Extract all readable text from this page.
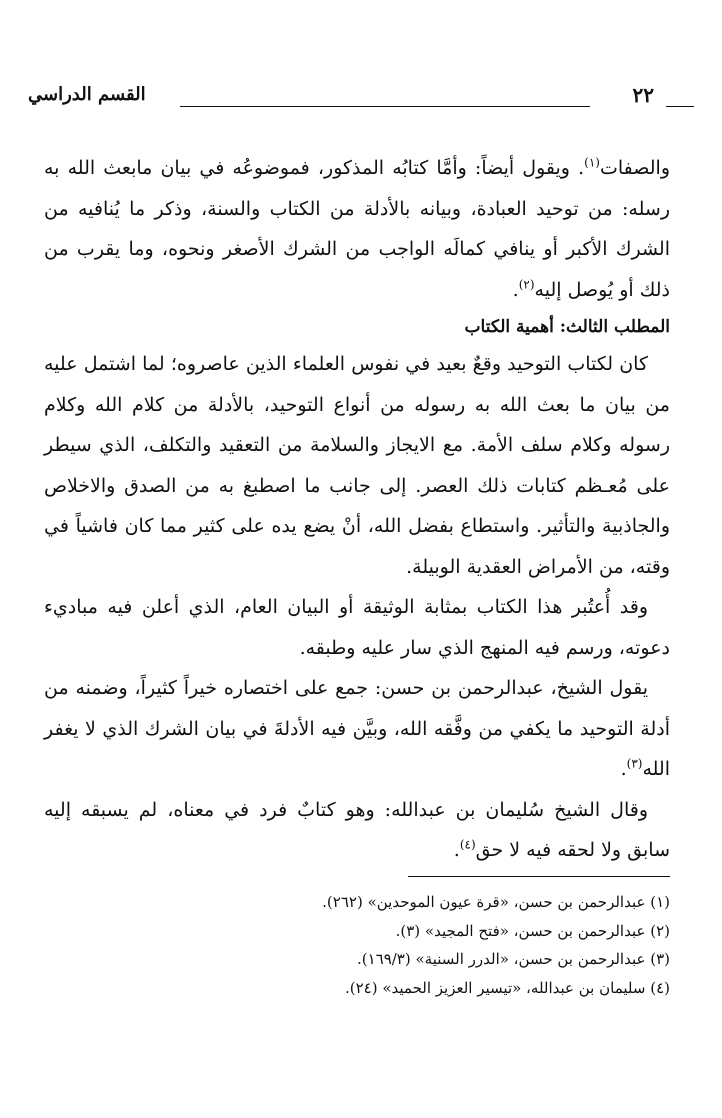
٢٢
القسم الدراسي

والصفات$^{(١)}$. ويقول أيضاً: وأمَّا كتابُه المذكور، فموضوعُه في بيان مابعث الله به رسله: من توحيد العبادة، وبيانه بالأدلة من الكتاب والسنة، وذكر ما يُنافيه من الشرك الأكبر أو ينافي كمالَه الواجب من الشرك الأصغر ونحوه، وما يقرب من ذلك أو يُوصل إليه$^{(٢)}$.

المطلب الثالث: أهمية الكتاب

كان لكتاب التوحيد وقعٌ بعيد في نفوس العلماء الذين عاصروه؛ لما اشتمل عليه من بيان ما بعث الله به رسوله من أنواع التوحيد، بالأدلة من كلام الله وكلام رسوله وكلام سلف الأمة. مع الايجاز والسلامة من التعقيد والتكلف، الذي سيطر على مُعـظم كتابات ذلك العصر. إلى جانب ما اصطبغ به من الصدق والاخلاص والجاذبية والتأثير. واستطاع بفضل الله، أنْ يضع يده على كثير مما كان فاشياً في وقته، من الأمراض العقدية الوبيلة.

وقد أُعتُبر هذا الكتاب بمثابة الوثيقة أو البيان العام، الذي أعلن فيه مباديء دعوته، ورسم فيه المنهج الذي سار عليه وطبقه.

يقول الشيخ، عبدالرحمن بن حسن: جمع على اختصاره خيراً كثيراً، وضمنه من أدلة التوحيد ما يكفي من وفَّقه الله، وبيَّن فيه الأدلةَ في بيان الشرك الذي لا يغفر الله$^{(٣)}$.

وقال الشيخ سُليمان بن عبدالله: وهو كتابٌ فرد في معناه، لم يسبقه إليه سابق ولا لحقه فيه لا حق$^{(٤)}$.

(١) عبدالرحمن بن حسن، «قرة عيون الموحدين» (٢٦٢).

(٢) عبدالرحمن بن حسن، «فتح المجيد» (٣).

(٣) عبدالرحمن بن حسن، «الدرر السنية» (١٦٩/٣).

(٤) سليمان بن عبدالله، «تيسير العزيز الحميد» (٢٤).
